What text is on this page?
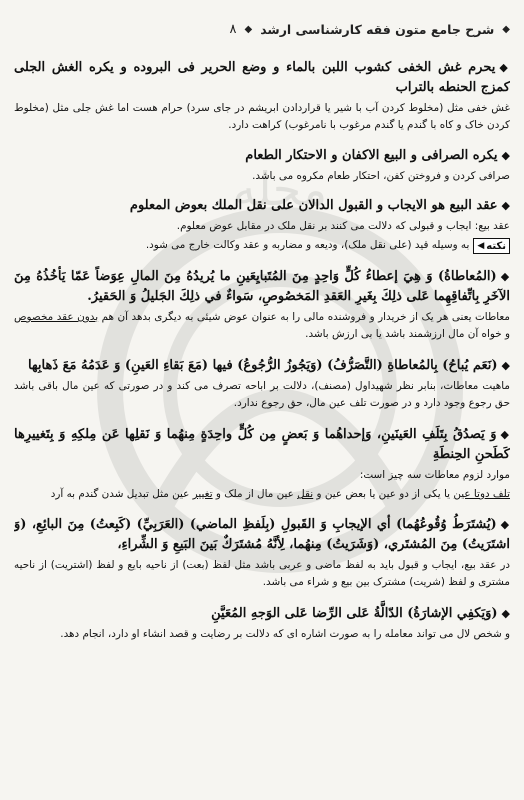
مجله
◆
شرح جامع متون فقه کارشناسی ارشد
◆
۸

◆يحرم غش الخفى كشوب اللبن بالماء و وضع الحرير فى البروده و يكره الغش الجلى كمزج الحنطه بالتراب

غش خفی مثل (مخلوط کردن آب با شیر یا قراردادن ابریشم در جای سرد) حرام هست اما غش جلی مثل (مخلوط کردن خاک و کاه با گندم یا گندم مرغوب با نامرغوب) کراهت دارد.

◆يكره الصرافى و البيع الاكفان و الاحتكار الطعام

صرافی کردن و فروختن کفن، احتکار طعام مکروه می باشد.

◆عقد البيع هو الايجاب و القبول الدالان على نقل الملك بعوض المعلوم

عقد بیع: ایجاب و قبولی که دلالت می کنند بر نقل ملک در مقابل عوض معلوم.

نکته
◀
به وسیله قید (علی نقل ملک)، ودیعه و مضاربه و عقد وکالت خارج می شود.

◆(المُعاطاةُ) وَ هِيَ إعطاءُ كُلٍّ وَاحِدٍ مِنَ المُتَبايِعَينِ ما يُريدُهُ مِنَ المالِ عِوَضاً عَمّا يَأخُذُهُ مِنَ الآخَرِ بِاتِّفاقِهِما عَلى ذلِكَ بِغَيرِ العَقدِ المَخصُوصِ، سَواءٌ في ذلِكَ الجَليلُ وَ الحَقيرُ.

معاطات یعنی هر یک از خریدار و فروشنده مالی را به عنوان عوض شیئی به دیگری بدهد آن هم بدون عقد مخصوص و خواه آن مال ارزشمند باشد یا بی ارزش باشد.

◆(نَعَم يُباحُ) بِالمُعاطاةِ (التَّصَرُّفُ) (وَيَجُوزُ الرُّجُوعُ) فيها (مَعَ بَقاءِ العَينِ) وَ عَدَمُهُ مَعَ ذَهابِها

ماهیت معاطات، بنابر نظر شهیداول (مصنف)، دلالت بر اباحه تصرف می کند و در صورتی که عین مال باقی باشد حق رجوع وجود دارد و در صورت تلف عین مال، حق رجوع ندارد.

◆وَ يَصدُقُ بِتَلَفِ العَينَينِ، وَإحداهُما وَ بَعضٍ مِن كُلٍّ واحِدَةٍ مِنهُما وَ نَقلِها عَن مِلكِهِ وَ بِتَغييرِها كَطَحنِ الحِنطَةِ

موارد لزوم معاطات سه چیز است:

تلف دوتا عین یا یکی از دو عین یا بعض عین و نقل عین مال از ملک و تغییر عین مثل تبدیل شدن گندم به آرد

◆(يُشتَرَطُ وُقُوعُهُما) أي الإيجابِ وَ القَبولِ (بِلَفظِ الماضي) (العَرَبِيِّ) (كَبِعتُ) مِنَ البائِعِ، (وَ اشتَرَيتُ) مِنَ المُشتَري، (وَشَرَيتُ) مِنهُما، لِأنَّهُ مُشتَرَكٌ بَينَ البَيعِ وَ الشِّراءِ،

در عقد بیع، ایجاب و قبول باید به لفظ ماضی و عربی باشد مثل لفظ (بعت) از ناحیه بایع و لفظ (اشتریت) از ناحیه مشتری و لفظ (شریت) مشترک بین بیع و شراء می باشد.

◆(وَيَكفِي الإشارَةُ) الدّالَّةُ عَلى الرِّضا عَلى الوَجهِ المُعَيَّنِ

و شخص لال می تواند معامله را به صورت اشاره ای که دلالت بر رضایت و قصد انشاء او دارد، انجام دهد.
